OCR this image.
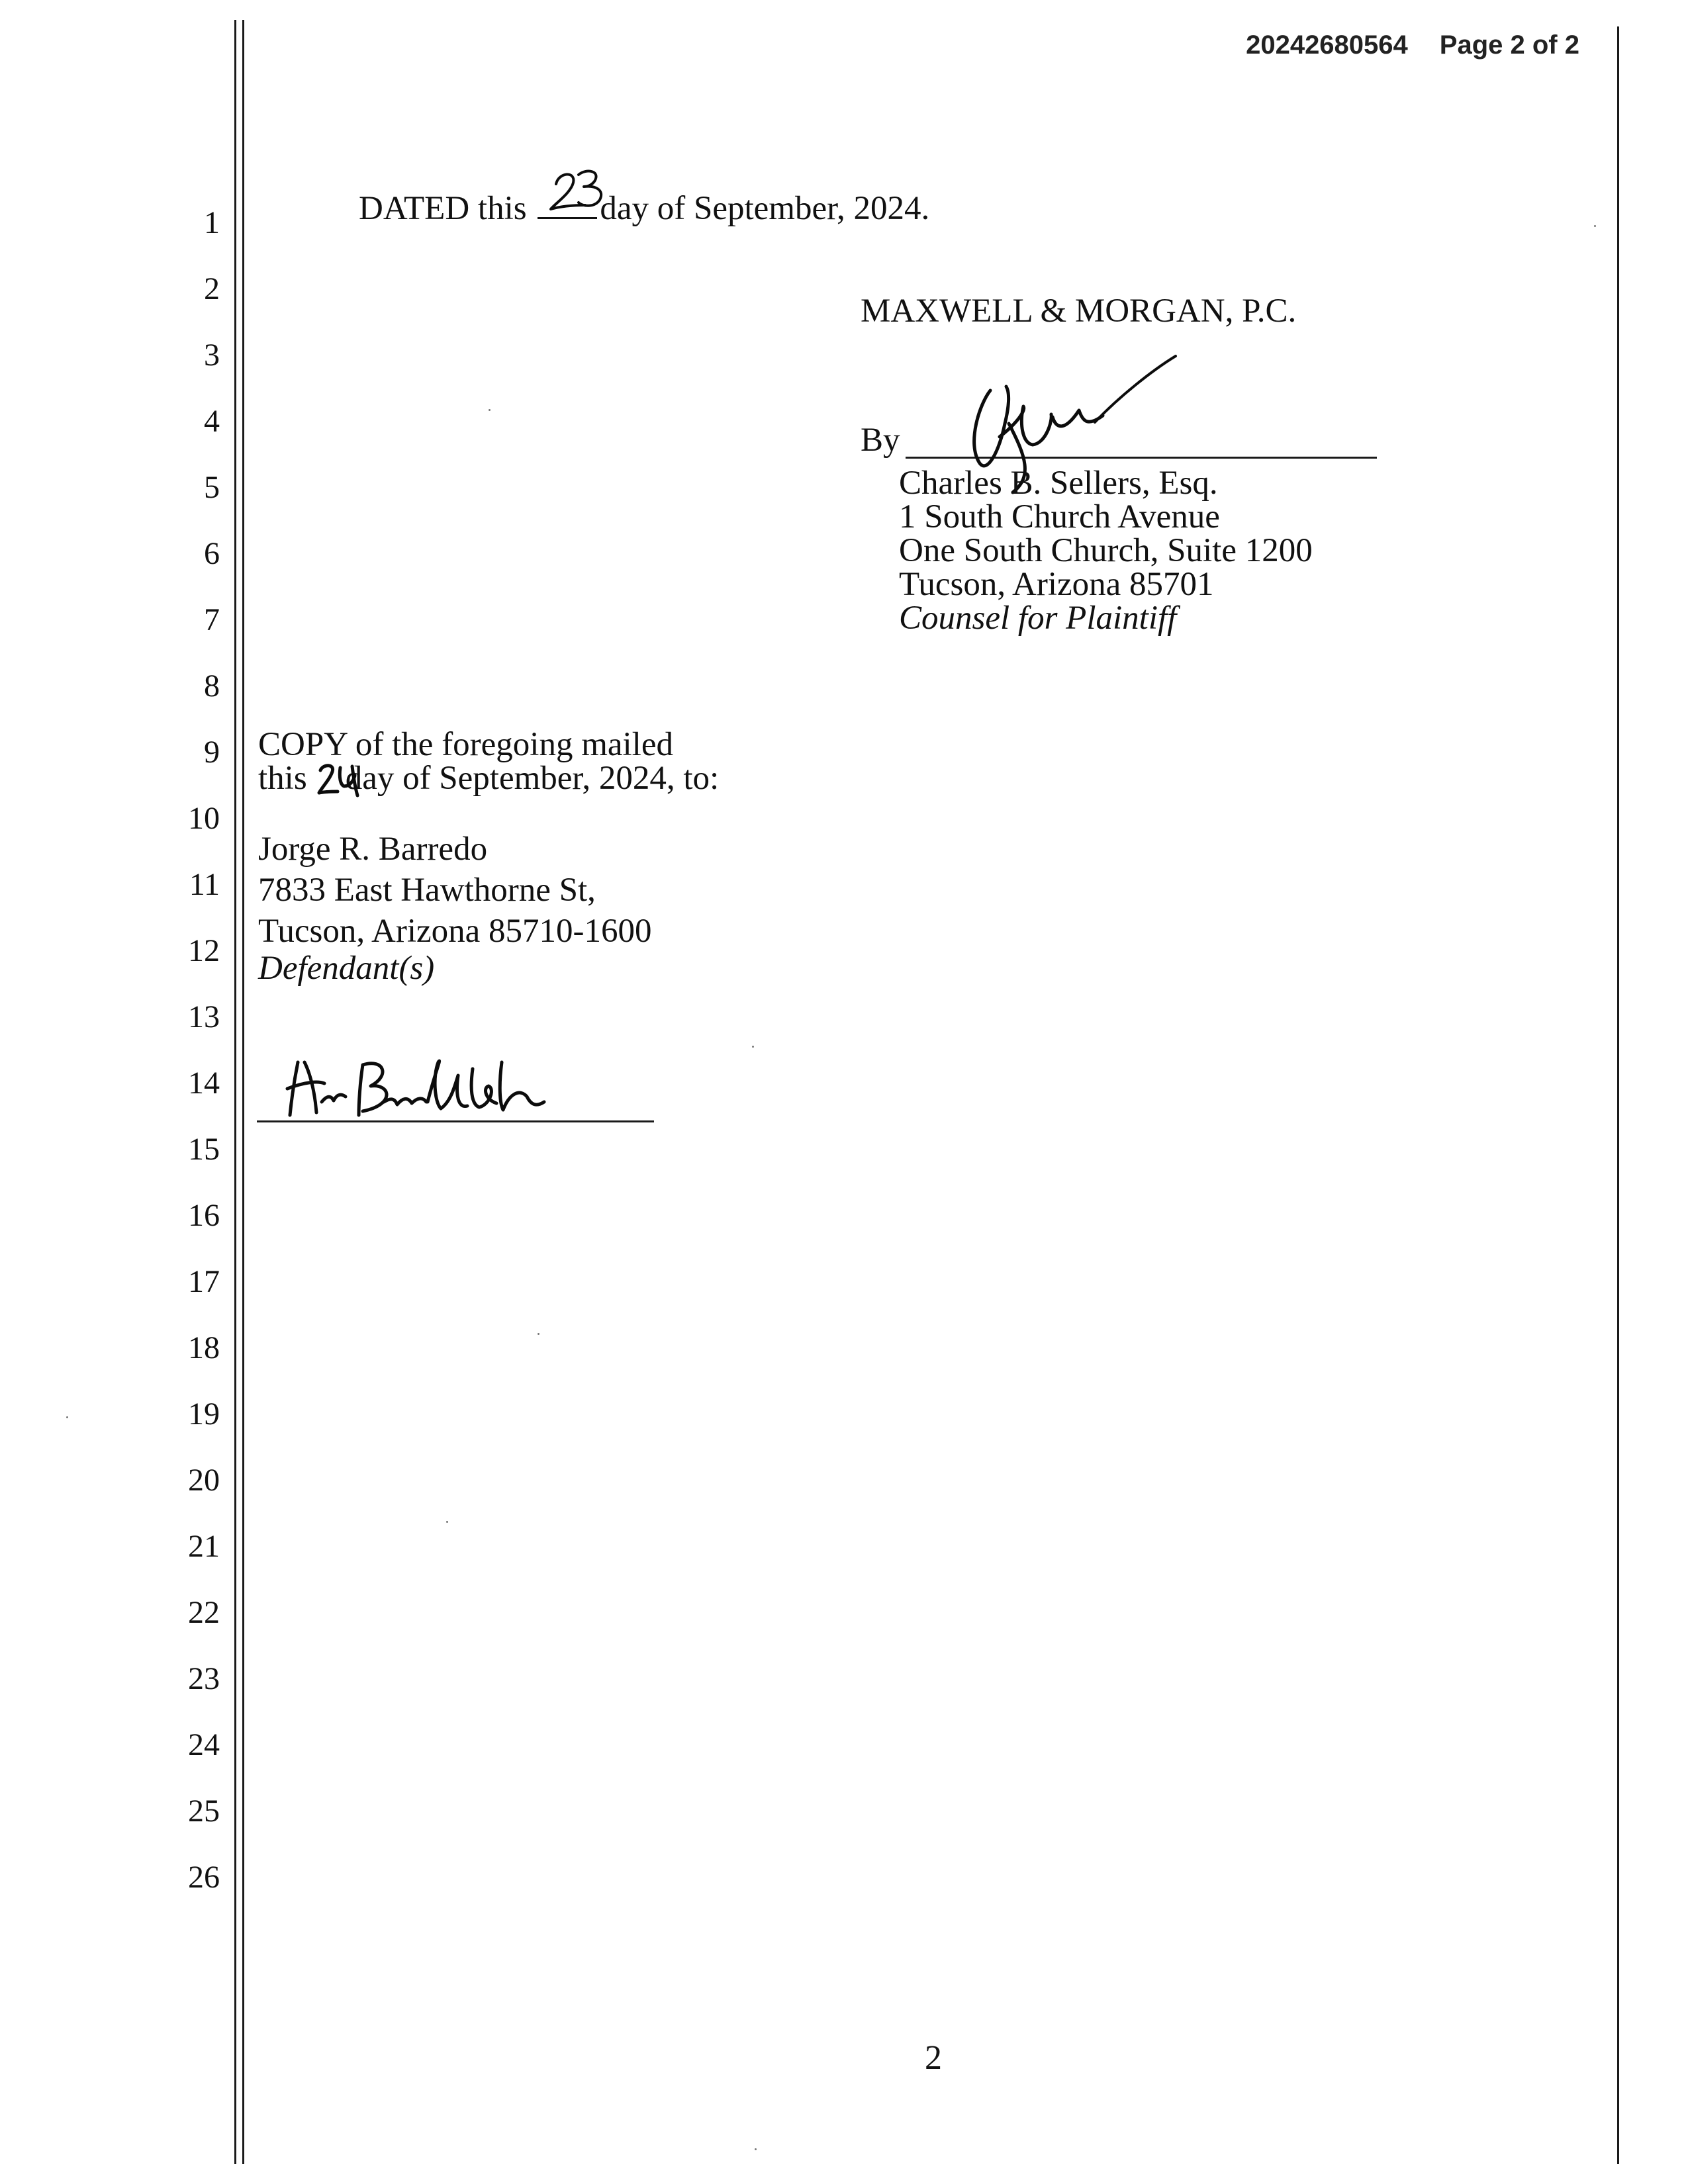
20242680564 Page 2 of 2
1
2
3
4
5
6
7
8
9
10
11
12
13
14
15
16
17
18
19
20
21
22
23
24
25
26
DATED this day of September, 2024.
MAXWELL & MORGAN, P.C.
By
Charles B. Sellers, Esq.
1 South Church Avenue
One South Church, Suite 1200
Tucson, Arizona 85701
Counsel for Plaintiff
COPY of the foregoing mailed
this day of September, 2024, to:
Jorge R. Barredo
7833 East Hawthorne St,
Tucson, Arizona 85710-1600
Defendant(s)
2
